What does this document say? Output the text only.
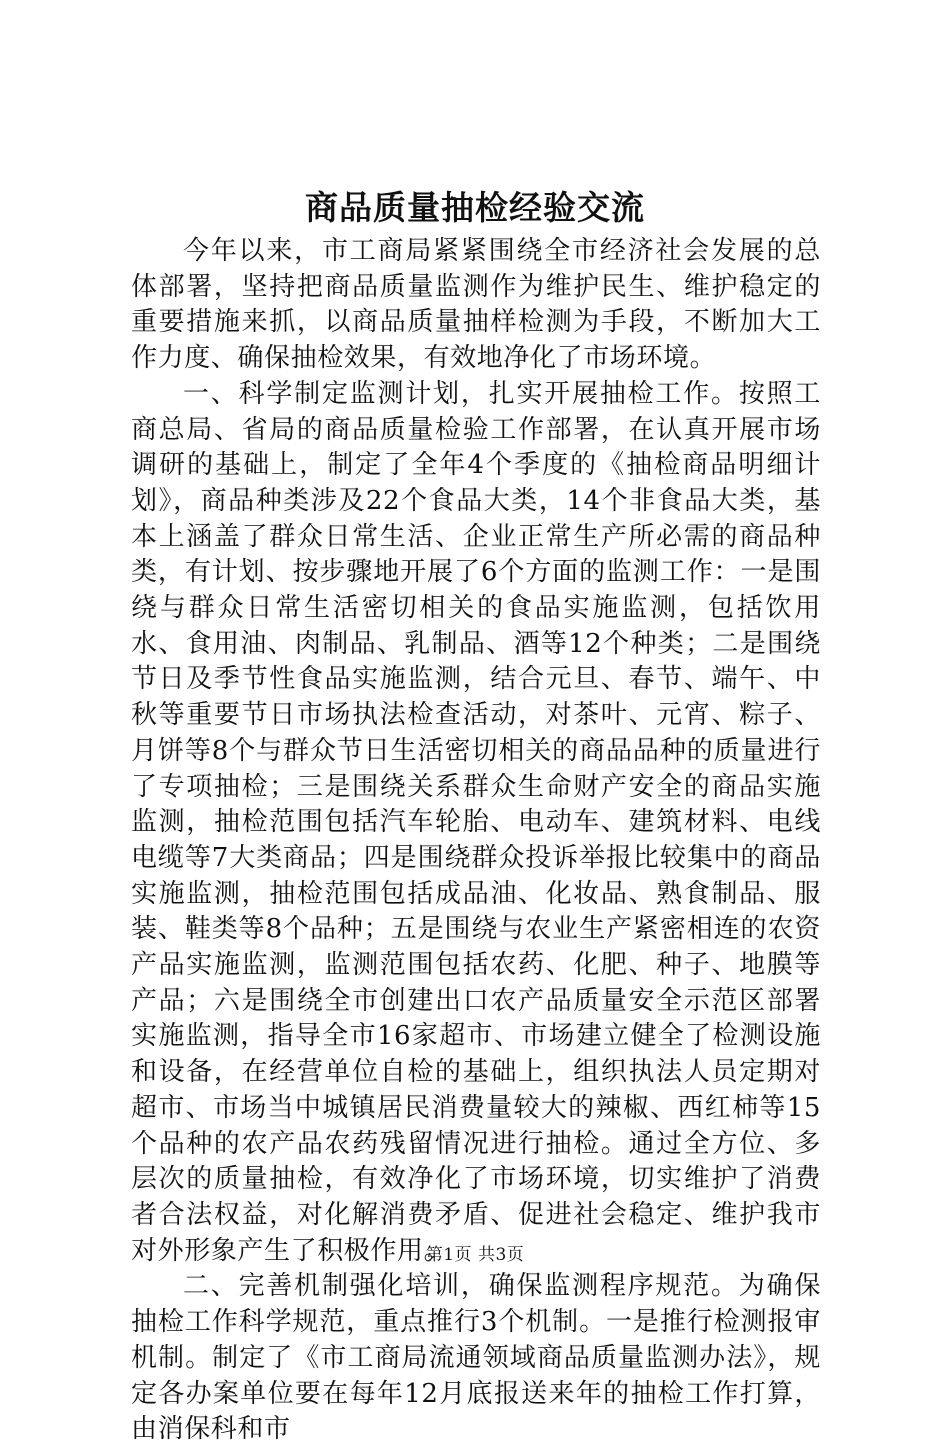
商品质量抽检经验交流

今年以来，市工商局紧紧围绕全市经济社会发展的总体部署，坚持把商品质量监测作为维护民生、维护稳定的重要措施来抓，以商品质量抽样检测为手段，不断加大工作力度、确保抽检效果，有效地净化了市场环境。

一、科学制定监测计划，扎实开展抽检工作。按照工商总局、省局的商品质量检验工作部署，在认真开展市场调研的基础上，制定了全年4个季度的《抽检商品明细计划》，商品种类涉及22个食品大类，14个非食品大类，基本上涵盖了群众日常生活、企业正常生产所必需的商品种类，有计划、按步骤地开展了6个方面的监测工作：一是围绕与群众日常生活密切相关的食品实施监测，包括饮用水、食用油、肉制品、乳制品、酒等12个种类；二是围绕节日及季节性食品实施监测，结合元旦、春节、端午、中秋等重要节日市场执法检查活动，对茶叶、元宵、粽子、月饼等8个与群众节日生活密切相关的商品品种的质量进行了专项抽检；三是围绕关系群众生命财产安全的商品实施监测，抽检范围包括汽车轮胎、电动车、建筑材料、电线电缆等7大类商品；四是围绕群众投诉举报比较集中的商品实施监测，抽检范围包括成品油、化妆品、熟食制品、服装、鞋类等8个品种；五是围绕与农业生产紧密相连的农资产品实施监测，监测范围包括农药、化肥、种子、地膜等产品；六是围绕全市创建出口农产品质量安全示范区部署实施监测，指导全市16家超市、市场建立健全了检测设施和设备，在经营单位自检的基础上，组织执法人员定期对超市、市场当中城镇居民消费量较大的辣椒、西红柿等15个品种的农产品农药残留情况进行抽检。通过全方位、多层次的质量抽检，有效净化了市场环境，切实维护了消费者合法权益，对化解消费矛盾、促进社会稳定、维护我市对外形象产生了积极作用。

二、完善机制强化培训，确保监测程序规范。为确保抽检工作科学规范，重点推行3个机制。一是推行检测报审机制。制定了《市工商局流通领域商品质量监测办法》，规定各办案单位要在每年12月底报送来年的抽检工作打算，由消保科和市

第1页 共3页
